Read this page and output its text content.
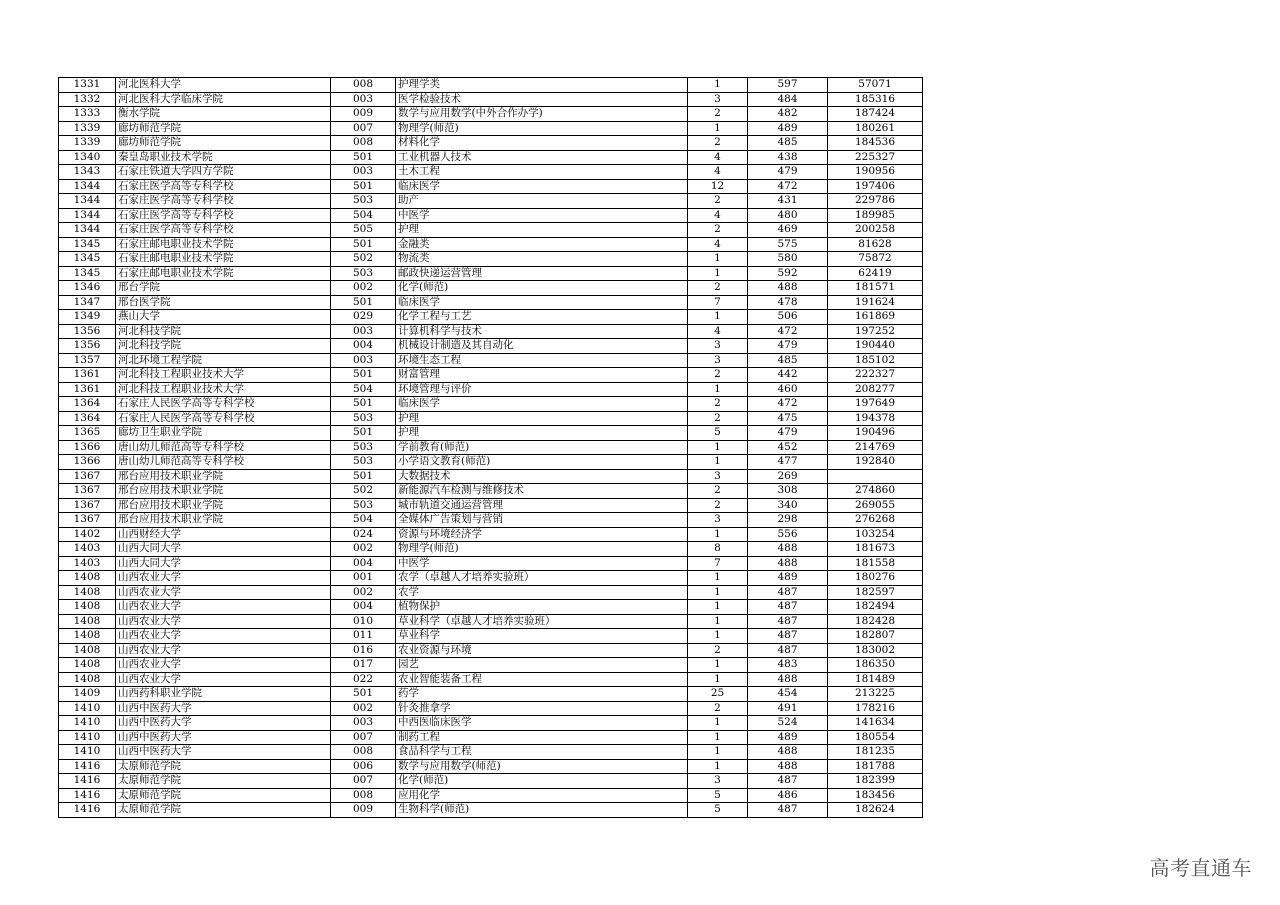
1331	河北医科大学	008	护理学类	1	597	57071
1332	河北医科大学临床学院	003	医学检验技术	3	484	185316
1333	衡水学院	009	数学与应用数学(中外合作办学)	2	482	187424
1339	廊坊师范学院	007	物理学(师范)	1	489	180261
1339	廊坊师范学院	008	材料化学	2	485	184536
1340	秦皇岛职业技术学院	501	工业机器人技术	4	438	225327
1343	石家庄铁道大学四方学院	003	土木工程	4	479	190956
1344	石家庄医学高等专科学校	501	临床医学	12	472	197406
1344	石家庄医学高等专科学校	503	助产	2	431	229786
1344	石家庄医学高等专科学校	504	中医学	4	480	189985
1344	石家庄医学高等专科学校	505	护理	2	469	200258
1345	石家庄邮电职业技术学院	501	金融类	4	575	81628
1345	石家庄邮电职业技术学院	502	物流类	1	580	75872
1345	石家庄邮电职业技术学院	503	邮政快递运营管理	1	592	62419
1346	邢台学院	002	化学(师范)	2	488	181571
1347	邢台医学院	501	临床医学	7	478	191624
1349	燕山大学	029	化学工程与工艺	1	506	161869
1356	河北科技学院	003	计算机科学与技术	4	472	197252
1356	河北科技学院	004	机械设计制造及其自动化	3	479	190440
1357	河北环境工程学院	003	环境生态工程	3	485	185102
1361	河北科技工程职业技术大学	501	财富管理	2	442	222327
1361	河北科技工程职业技术大学	504	环境管理与评价	1	460	208277
1364	石家庄人民医学高等专科学校	501	临床医学	2	472	197649
1364	石家庄人民医学高等专科学校	503	护理	2	475	194378
1365	廊坊卫生职业学院	501	护理	5	479	190496
1366	唐山幼儿师范高等专科学校	503	学前教育(师范)	1	452	214769
1366	唐山幼儿师范高等专科学校	503	小学语文教育(师范)	1	477	192840
1367	邢台应用技术职业学院	501	大数据技术	3	269	
1367	邢台应用技术职业学院	502	新能源汽车检测与维修技术	2	308	274860
1367	邢台应用技术职业学院	503	城市轨道交通运营管理	2	340	269055
1367	邢台应用技术职业学院	504	全媒体广告策划与营销	3	298	276268
1402	山西财经大学	024	资源与环境经济学	1	556	103254
1403	山西大同大学	002	物理学(师范)	8	488	181673
1403	山西大同大学	004	中医学	7	488	181558
1408	山西农业大学	001	农学（卓越人才培养实验班）	1	489	180276
1408	山西农业大学	002	农学	1	487	182597
1408	山西农业大学	004	植物保护	1	487	182494
1408	山西农业大学	010	草业科学（卓越人才培养实验班）	1	487	182428
1408	山西农业大学	011	草业科学	1	487	182807
1408	山西农业大学	016	农业资源与环境	2	487	183002
1408	山西农业大学	017	园艺	1	483	186350
1408	山西农业大学	022	农业智能装备工程	1	488	181489
1409	山西药科职业学院	501	药学	25	454	213225
1410	山西中医药大学	002	针灸推拿学	2	491	178216
1410	山西中医药大学	003	中西医临床医学	1	524	141634
1410	山西中医药大学	007	制药工程	1	489	180554
1410	山西中医药大学	008	食品科学与工程	1	488	181235
1416	太原师范学院	006	数学与应用数学(师范)	1	488	181788
1416	太原师范学院	007	化学(师范)	3	487	182399
1416	太原师范学院	008	应用化学	5	486	183456
1416	太原师范学院	009	生物科学(师范)	5	487	182624
高考直通车
